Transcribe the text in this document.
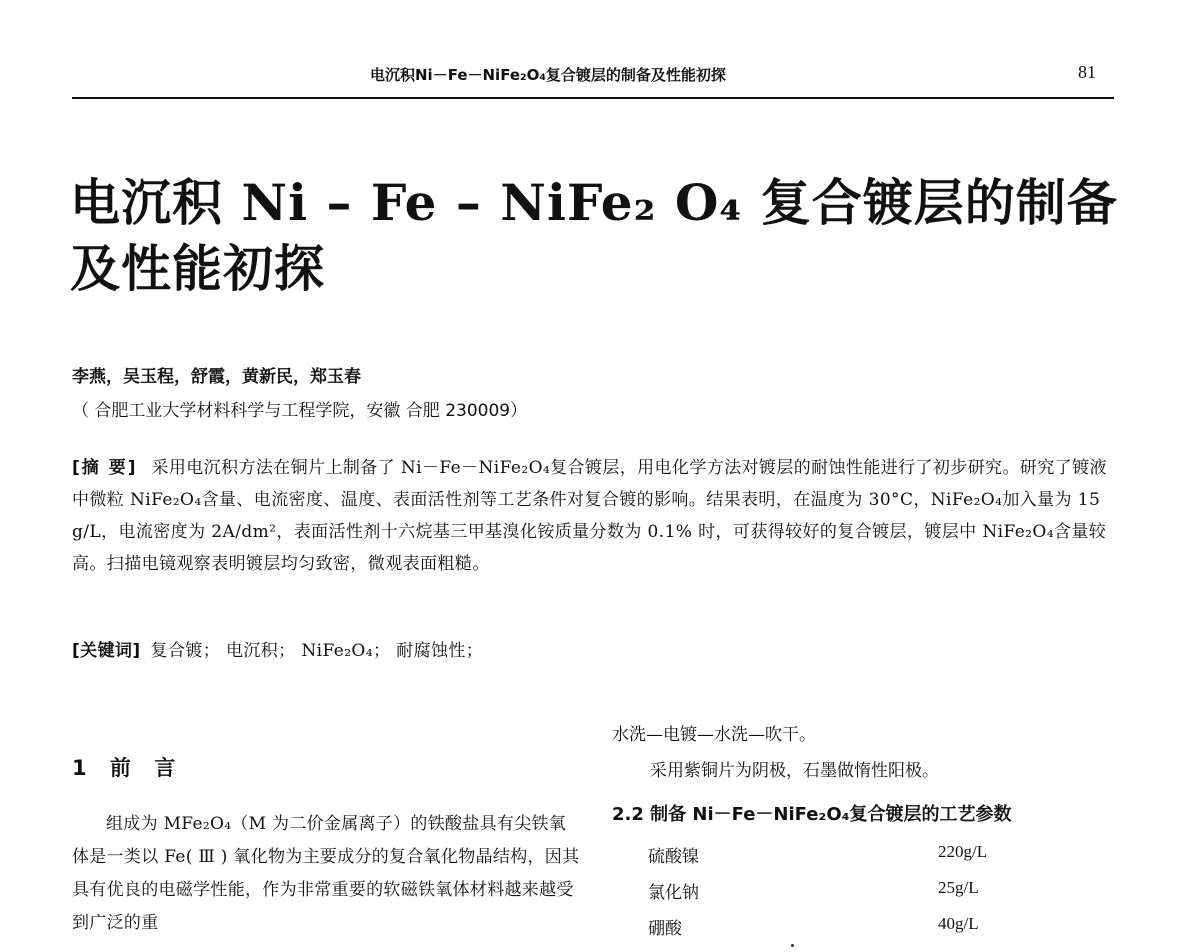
电沉积Ni－Fe－NiFe₂O₄复合镀层的制备及性能初探	81
电沉积 Ni – Fe – NiFe₂ O₄ 复合镀层的制备及性能初探
李燕，吴玉程，舒霞，黄新民，郑玉春
（ 合肥工业大学材料科学与工程学院，安徽 合肥 230009）
[摘 要] 采用电沉积方法在铜片上制备了 Ni－Fe－NiFe₂O₄复合镀层，用电化学方法对镀层的耐蚀性能进行了初步研究。研究了镀液中微粒 NiFe₂O₄含量、电流密度、温度、表面活性剂等工艺条件对复合镀的影响。结果表明，在温度为 30°C，NiFe₂O₄加入量为 15 g/L，电流密度为 2A/dm²，表面活性剂十六烷基三甲基溴化铵质量分数为 0.1% 时，可获得较好的复合镀层，镀层中 NiFe₂O₄含量较高。扫描电镜观察表明镀层均匀致密，微观表面粗糙。
[关键词] 复合镀； 电沉积； NiFe₂O₄； 耐腐蚀性；
1 前 言
组成为 MFe₂O₄（M 为二价金属离子）的铁酸盐具有尖铁氧体是一类以 Fe( Ⅲ ) 氧化物为主要成分的复合氧化物晶结构，因其具有优良的电磁学性能，作为非常重要的软磁铁氧体材料越来越受到广泛的重
水洗—电镀—水洗—吹干。
采用紫铜片为阴极，石墨做惰性阳极。
2.2 制备 Ni－Fe－NiFe₂O₄复合镀层的工艺参数
硫酸镍	220g/L
氯化钠	25g/L
硼酸	40g/L
